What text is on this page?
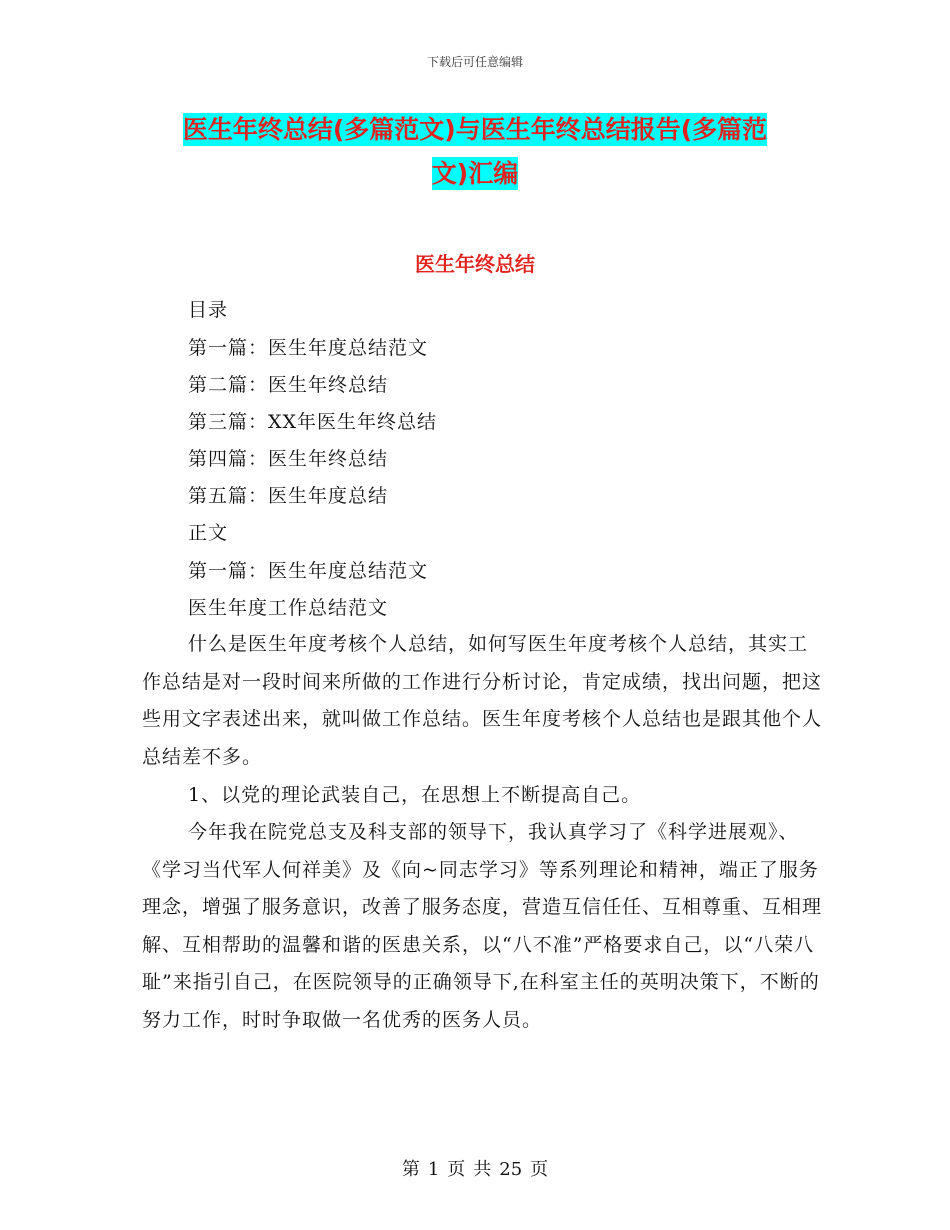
下载后可任意编辑
医生年终总结(多篇范文)与医生年终总结报告(多篇范
文)汇编
医生年终总结
目录
第一篇：医生年度总结范文
第二篇：医生年终总结
第三篇：XX年医生年终总结
第四篇：医生年终总结
第五篇：医生年度总结
正文
第一篇：医生年度总结范文
医生年度工作总结范文
什么是医生年度考核个人总结，如何写医生年度考核个人总结，其实工作总结是对一段时间来所做的工作进行分析讨论，肯定成绩，找出问题，把这些用文字表述出来，就叫做工作总结。医生年度考核个人总结也是跟其他个人总结差不多。
1、以党的理论武装自己，在思想上不断提高自己。
今年我在院党总支及科支部的领导下，我认真学习了《科学进展观》、《学习当代军人何祥美》及《向~同志学习》等系列理论和精神，端正了服务理念，增强了服务意识，改善了服务态度，营造互信任任、互相尊重、互相理解、互相帮助的温馨和谐的医患关系，以“八不准”严格要求自己，以“八荣八耻”来指引自己，在医院领导的正确领导下,在科室主任的英明决策下，不断的努力工作，时时争取做一名优秀的医务人员。
第 1 页 共 25 页
